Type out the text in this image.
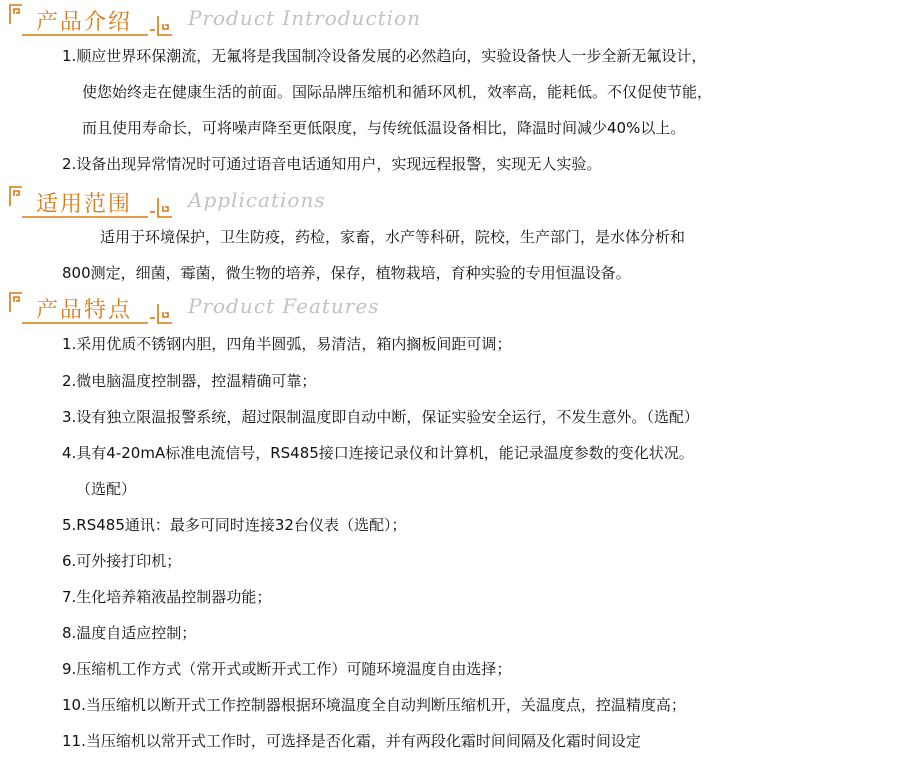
产品介绍	Product Introduction
1.顺应世界环保潮流，无氟将是我国制冷设备发展的必然趋向，实验设备快人一步全新无氟设计，
使您始终走在健康生活的前面。国际品牌压缩机和循环风机，效率高，能耗低。不仅促使节能，
而且使用寿命长，可将噪声降至更低限度，与传统低温设备相比，降温时间减少40%以上。
2.设备出现异常情况时可通过语音电话通知用户，实现远程报警，实现无人实验。
适用范围	Applications
适用于环境保护，卫生防疫，药检，家畜，水产等科研，院校，生产部门，是水体分析和
800测定，细菌，霉菌，微生物的培养，保存，植物栽培，育种实验的专用恒温设备。
产品特点	Product Features
1.采用优质不锈钢内胆，四角半圆弧，易清洁，箱内搁板间距可调；
2.微电脑温度控制器，控温精确可靠；
3.设有独立限温报警系统，超过限制温度即自动中断，保证实验安全运行，不发生意外。（选配）
4.具有4-20mA标准电流信号，RS485接口连接记录仪和计算机，能记录温度参数的变化状况。
（选配）
5.RS485通讯：最多可同时连接32台仪表（选配）；
6.可外接打印机；
7.生化培养箱液晶控制器功能；
8.温度自适应控制；
9.压缩机工作方式（常开式或断开式工作）可随环境温度自由选择；
10.当压缩机以断开式工作控制器根据环境温度全自动判断压缩机开，关温度点，控温精度高；
11.当压缩机以常开式工作时，可选择是否化霜，并有两段化霜时间间隔及化霜时间设定
